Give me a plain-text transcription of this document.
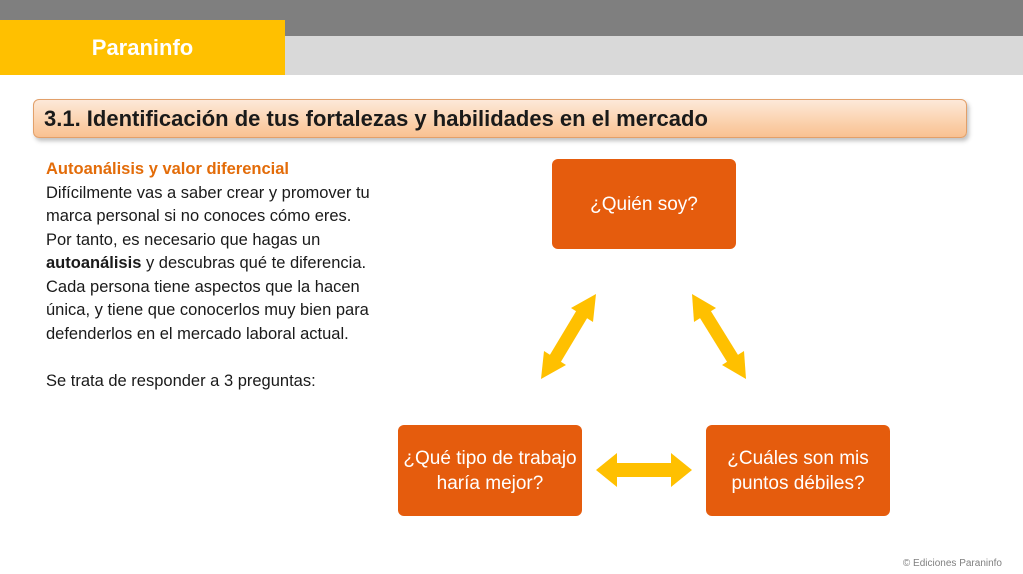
Paraninfo
3.1. Identificación de tus fortalezas y habilidades en el mercado
Autoanálisis y valor diferencial

Difícilmente vas a saber crear y promover tu marca personal si no conoces cómo eres. Por tanto, es necesario que hagas un autoanálisis y descubras qué te diferencia. Cada persona tiene aspectos que la hacen única, y tiene que conocerlos muy bien para defenderlos en el mercado laboral actual.

Se trata de responder a 3 preguntas:

¿Quién soy?
¿Qué tipo de trabajo haría mejor?
¿Cuáles son mis puntos débiles?
© Ediciones Paraninfo
